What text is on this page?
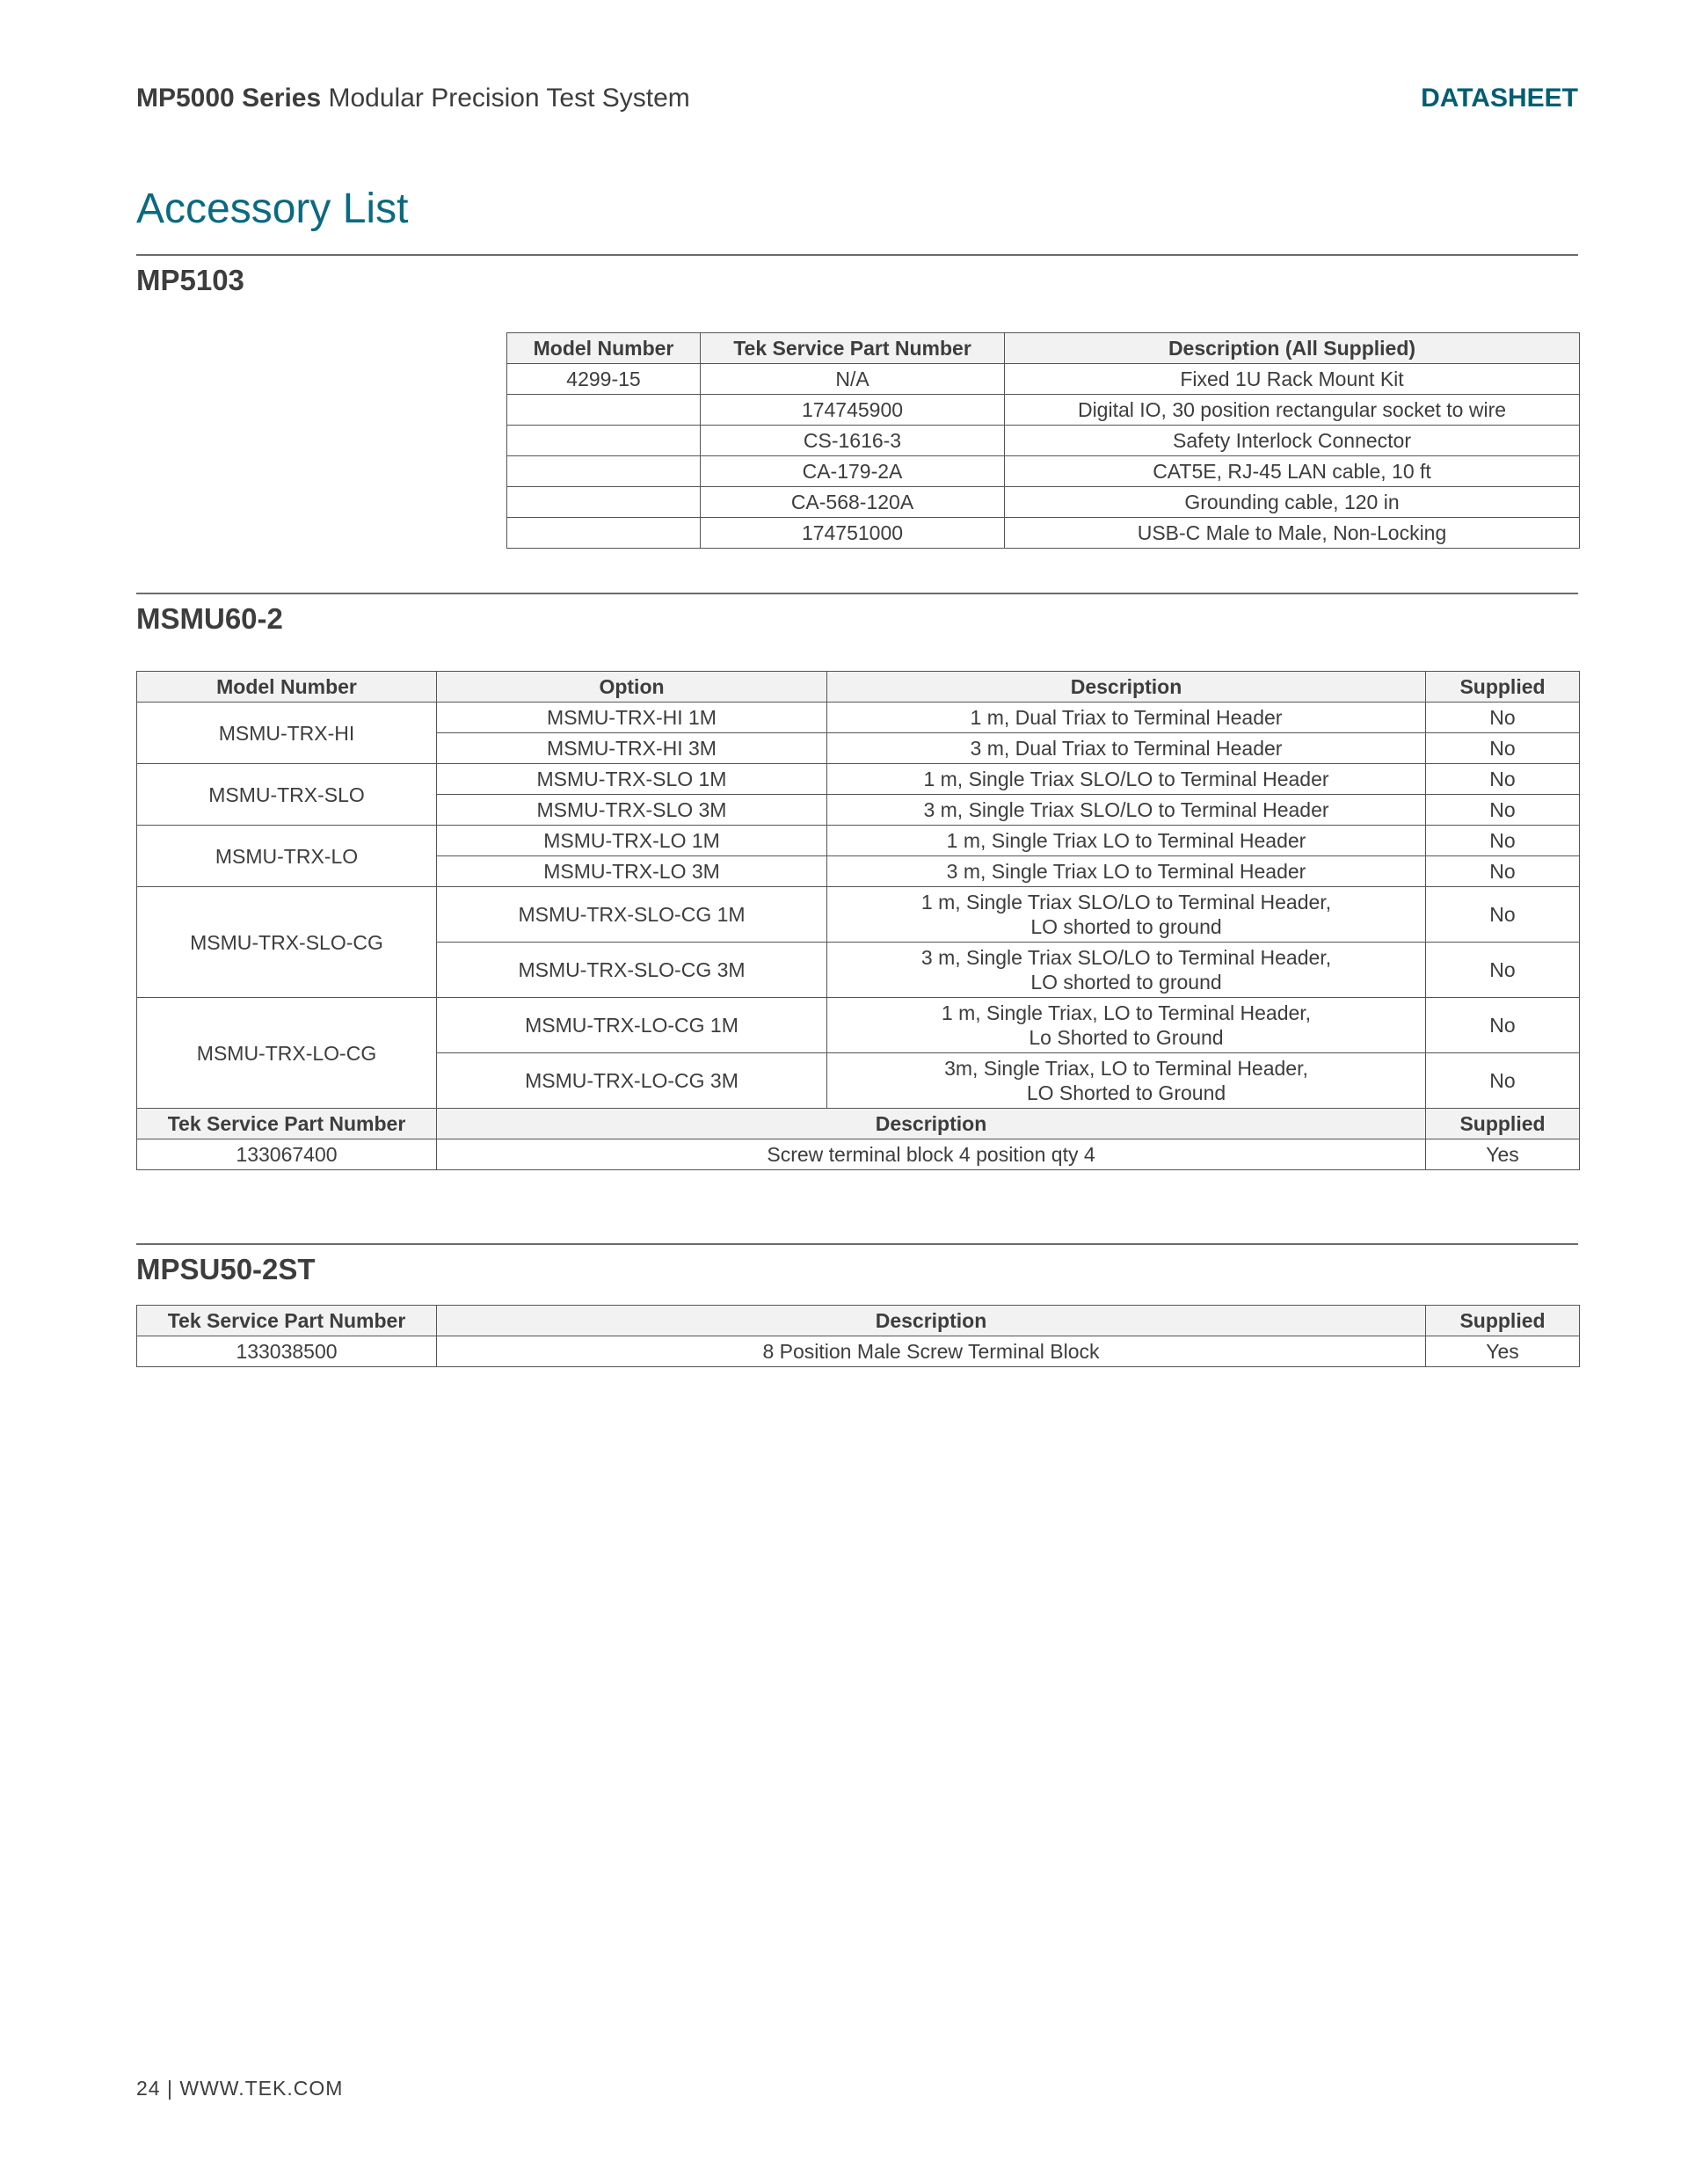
MP5000 Series Modular Precision Test System	DATASHEET
Accessory List
MP5103
Model Number	Tek Service Part Number	Description (All Supplied)
4299-15	N/A	Fixed 1U Rack Mount Kit
	174745900	Digital IO, 30 position rectangular socket to wire
	CS-1616-3	Safety Interlock Connector
	CA-179-2A	CAT5E, RJ-45 LAN cable, 10 ft
	CA-568-120A	Grounding cable, 120 in
	174751000	USB-C Male to Male, Non-Locking
MSMU60-2
Model Number	Option	Description	Supplied
MSMU-TRX-HI	MSMU-TRX-HI 1M	1 m, Dual Triax to Terminal Header	No
	MSMU-TRX-HI 3M	3 m, Dual Triax to Terminal Header	No
MSMU-TRX-SLO	MSMU-TRX-SLO 1M	1 m, Single Triax SLO/LO to Terminal Header	No
	MSMU-TRX-SLO 3M	3 m, Single Triax SLO/LO to Terminal Header	No
MSMU-TRX-LO	MSMU-TRX-LO 1M	1 m, Single Triax LO to Terminal Header	No
	MSMU-TRX-LO 3M	3 m, Single Triax LO to Terminal Header	No
MSMU-TRX-SLO-CG	MSMU-TRX-SLO-CG 1M	1 m, Single Triax SLO/LO to Terminal Header,
LO shorted to ground	No
	MSMU-TRX-SLO-CG 3M	3 m, Single Triax SLO/LO to Terminal Header,
LO shorted to ground	No
MSMU-TRX-LO-CG	MSMU-TRX-LO-CG 1M	1 m, Single Triax, LO to Terminal Header,
Lo Shorted to Ground	No
	MSMU-TRX-LO-CG 3M	3m, Single Triax, LO to Terminal Header,
LO Shorted to Ground	No
Tek Service Part Number	Description		Supplied
133067400	Screw terminal block 4 position qty 4		Yes
MPSU50-2ST
Tek Service Part Number	Description	Supplied
133038500	8 Position Male Screw Terminal Block	Yes
24 | WWW.TEK.COM
